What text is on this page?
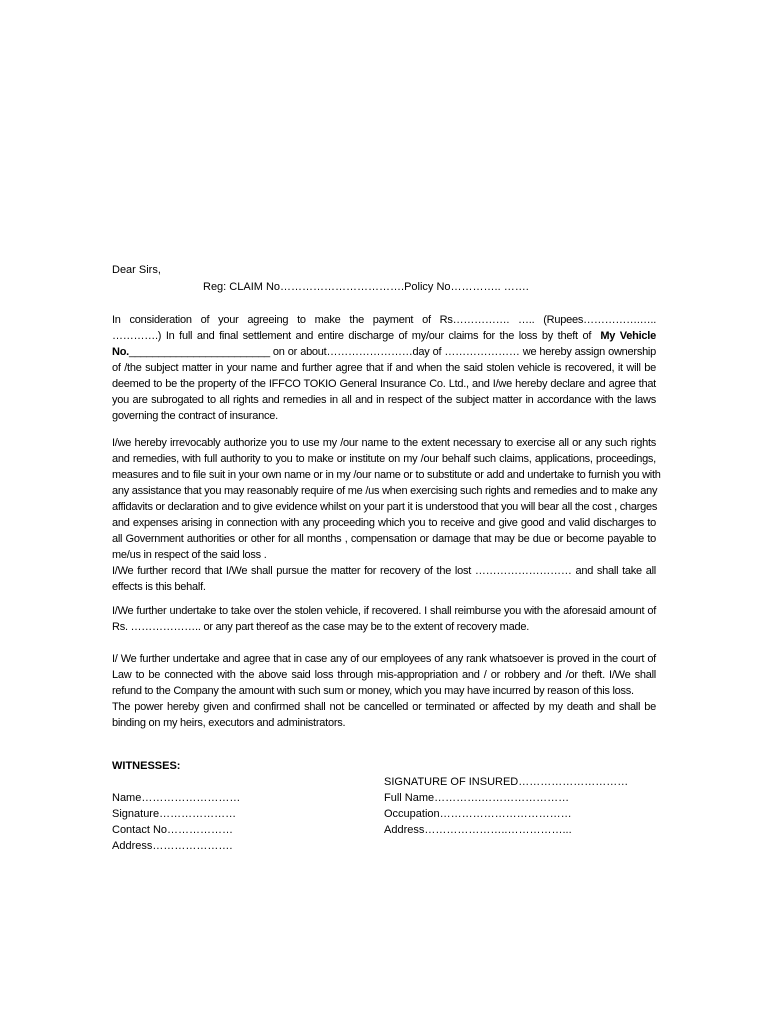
Dear Sirs,
Reg: CLAIM No…………………………….Policy No………….. …….
In consideration of your agreeing to make the payment of Rs……………. ….. (Rupees…………….…..
………….) In full and final settlement and entire discharge of my/our claims for the loss by theft of My Vehicle
No.________________________ on or about……………………day of ………………… we hereby assign ownership
of /the subject matter in your name and further agree that if and when the said stolen vehicle is recovered, it will be
deemed to be the property of the IFFCO TOKIO General Insurance Co. Ltd., and I/we hereby declare and agree that
you are subrogated to all rights and remedies in all and in respect of the subject matter in accordance with the laws
governing the contract of insurance.
I/we hereby irrevocably authorize you to use my /our name to the extent necessary to exercise all or any such rights
and remedies, with full authority to you to make or institute on my /our behalf such claims, applications, proceedings,
measures and to file suit in your own name or in my /our name or to substitute or add and undertake to furnish you with
any assistance that you may reasonably require of me /us when exercising such rights and remedies and to make any
affidavits or declaration and to give evidence whilst on your part it is understood that you will bear all the cost , charges
and expenses arising in connection with any proceeding which you to receive and give good and valid discharges to
all Government authorities or other for all months , compensation or damage that may be due or become payable to
me/us in respect of the said loss .
I/We further record that I/We shall pursue the matter for recovery of the lost ……………………… and shall take all
effects is this behalf.
I/We further undertake to take over the stolen vehicle, if recovered. I shall reimburse you with the aforesaid amount of
Rs. ……………….. or any part thereof as the case may be to the extent of recovery made.
I/ We further undertake and agree that in case any of our employees of any rank whatsoever is proved in the court of
Law to be connected with the above said loss through mis-appropriation and / or robbery and /or theft. I/We shall
refund to the Company the amount with such sum or money, which you may have incurred by reason of this loss.
The power hereby given and confirmed shall not be cancelled or terminated or affected by my death and shall be
binding on my heirs, executors and administrators.
WITNESSES:
Name………………………
Signature…………………
Contact No………………
Address………………….
SIGNATURE OF INSURED…………………………
Full Name………….……………………
Occupation………………………………
Address…………………..……………...
